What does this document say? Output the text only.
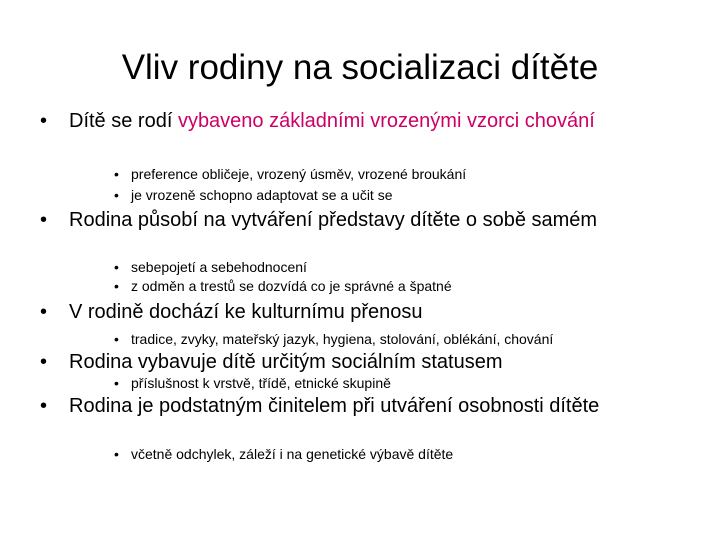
Vliv rodiny na socializaci dítěte
• Dítě se rodí vybaveno základními vrozenými vzorci chování
• preference obličeje, vrozený úsměv, vrozené broukání
• je vrozeně schopno adaptovat se a učit se
• Rodina působí na vytváření představy dítěte o sobě samém
• sebepojetí a sebehodnocení
• z odměn a trestů se dozvídá co je správné a špatné
• V rodině dochází ke kulturnímu přenosu
• tradice, zvyky, mateřský jazyk, hygiena, stolování, oblékání, chování
• Rodina vybavuje dítě určitým sociálním statusem
• příslušnost k vrstvě, třídě, etnické skupině
• Rodina je podstatným činitelem při utváření osobnosti dítěte
• včetně odchylek, záleží i na genetické výbavě dítěte
